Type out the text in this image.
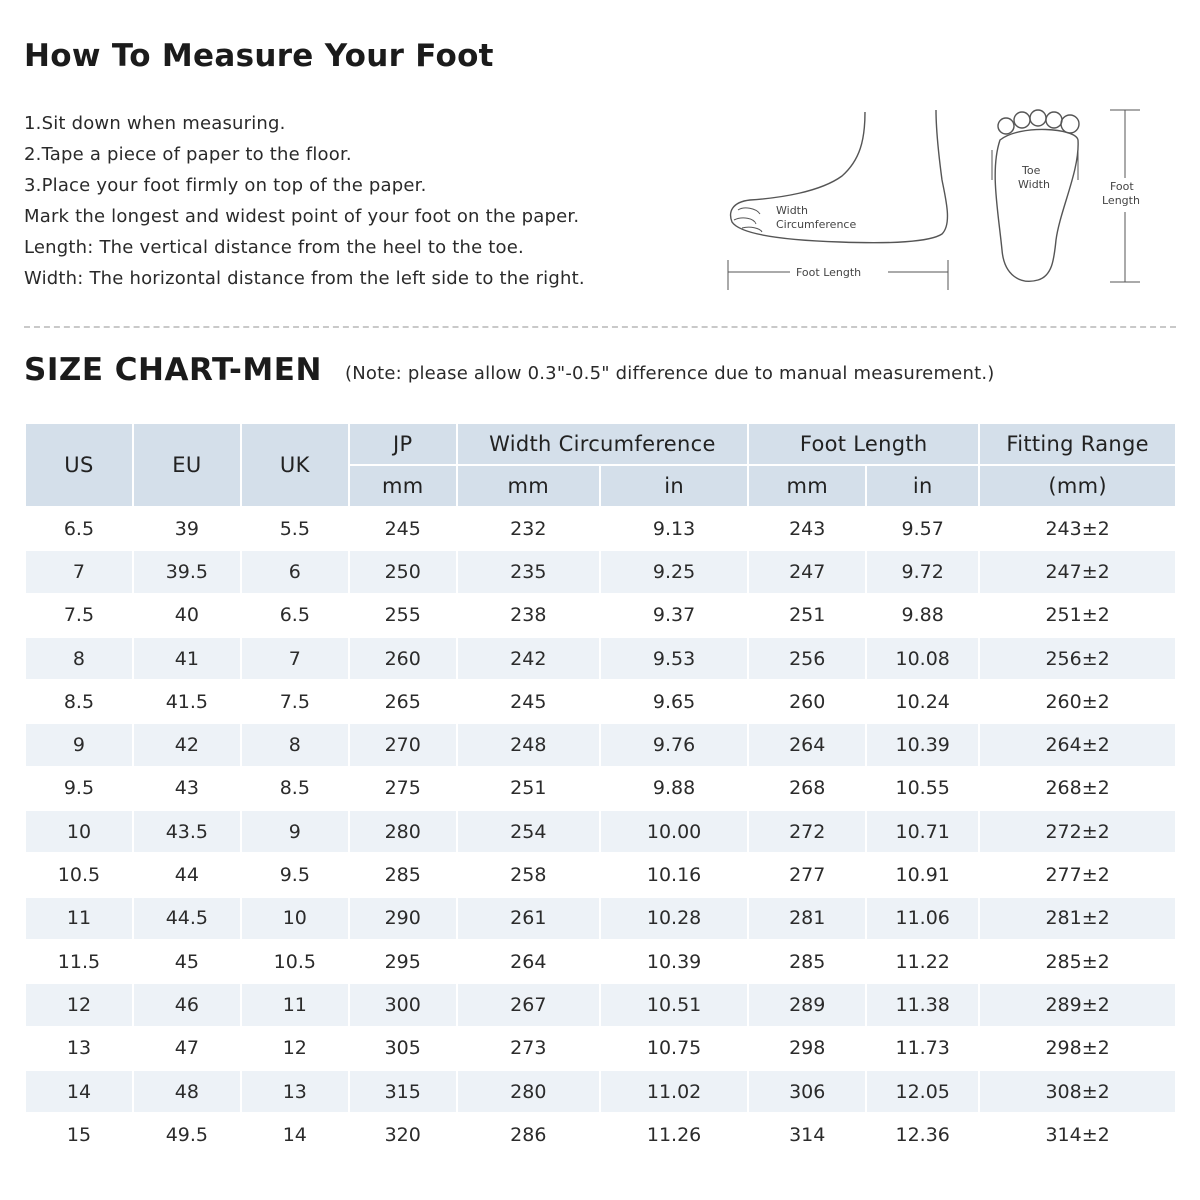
How To Measure Your Foot
1.Sit down when measuring.
2.Tape a piece of paper to the floor.
3.Place your foot firmly on top of the paper.
Mark the longest and widest point of your foot on the paper.
Length: The vertical distance from the heel to the toe.
Width: The horizontal distance from the left side to the right.
Width
Circumference
Foot Length
Toe
Width	Foot
Length
SIZE CHART-MEN (Note: please allow 0.3"-0.5" difference due to manual measurement.)
US	EU	UK	JP	Width Circumference		Foot Length		Fitting Range
			mm	mm	in	mm	in	(mm)
6.5	39	5.5	245	232	9.13	243	9.57	243±2
7	39.5	6	250	235	9.25	247	9.72	247±2
7.5	40	6.5	255	238	9.37	251	9.88	251±2
8	41	7	260	242	9.53	256	10.08	256±2
8.5	41.5	7.5	265	245	9.65	260	10.24	260±2
9	42	8	270	248	9.76	264	10.39	264±2
9.5	43	8.5	275	251	9.88	268	10.55	268±2
10	43.5	9	280	254	10.00	272	10.71	272±2
10.5	44	9.5	285	258	10.16	277	10.91	277±2
11	44.5	10	290	261	10.28	281	11.06	281±2
11.5	45	10.5	295	264	10.39	285	11.22	285±2
12	46	11	300	267	10.51	289	11.38	289±2
13	47	12	305	273	10.75	298	11.73	298±2
14	48	13	315	280	11.02	306	12.05	308±2
15	49.5	14	320	286	11.26	314	12.36	314±2
